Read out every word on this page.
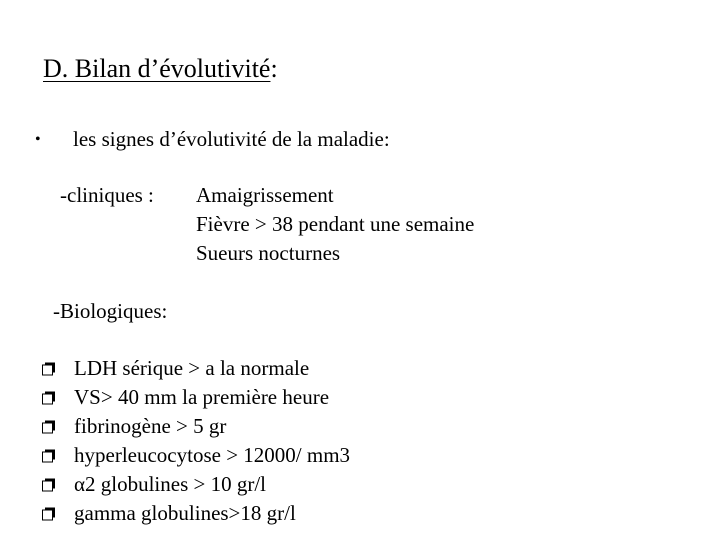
D. Bilan d’évolutivité:
• les signes d’évolutivité de la maladie:
-cliniques : Amaigrissement
Fièvre > 38 pendant une semaine
Sueurs nocturnes
-Biologiques:
LDH sérique > a la normale
VS> 40 mm la première heure
fibrinogène > 5 gr
hyperleucocytose > 12000/ mm3
α2 globulines > 10 gr/l
gamma globulines>18 gr/l
